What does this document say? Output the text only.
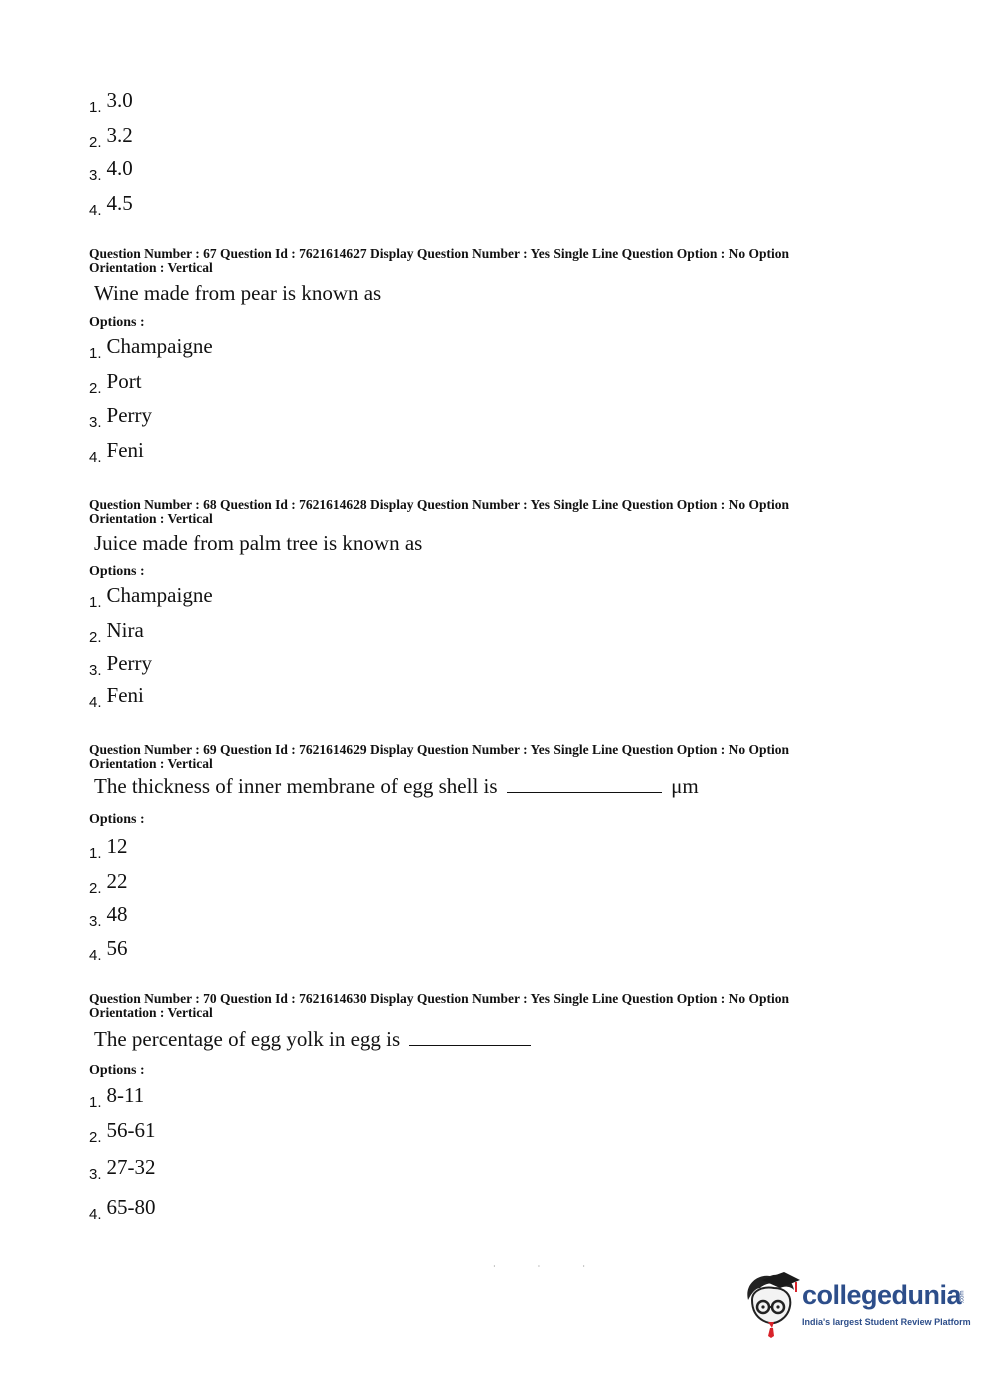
1. 3.0
2. 3.2
3. 4.0
4. 4.5
Question Number : 67 Question Id : 7621614627 Display Question Number : Yes Single Line Question Option : No Option
Orientation : Vertical
Wine made from pear is known as
Options :
1. Champaigne
2. Port
3. Perry
4. Feni
Question Number : 68 Question Id : 7621614628 Display Question Number : Yes Single Line Question Option : No Option
Orientation : Vertical
Juice made from palm tree is known as
Options :
1. Champaigne
2. Nira
3. Perry
4. Feni
Question Number : 69 Question Id : 7621614629 Display Question Number : Yes Single Line Question Option : No Option
Orientation : Vertical
The thickness of inner membrane of egg shell is	μm
Options :
1. 12
2. 22
3. 48
4. 56
Question Number : 70 Question Id : 7621614630 Display Question Number : Yes Single Line Question Option : No Option
Orientation : Vertical
The percentage of egg yolk in egg is
Options :
1. 8-11
2. 56-61
3. 27-32
4. 65-80
· · ·
collegedunia
.com
India's largest Student Review Platform
